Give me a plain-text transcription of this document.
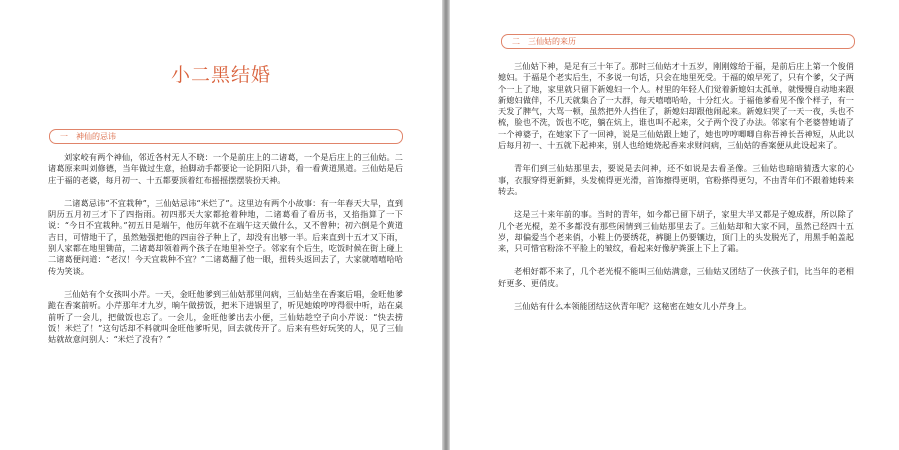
小二黑结婚
一　神仙的忌讳

刘家峧有两个神仙，邻近各村无人不晓：一个是前庄上的二诸葛，一个是后庄上的三仙姑。二诸葛原来叫刘修德，当年做过生意，抬脚动手都要论一论阴阳八卦，看一看黄道黑道。三仙姑是后庄于福的老婆，每月初一、十五都要顶着红布摇摇摆摆装扮天神。

二诸葛忌讳“不宜栽种”，三仙姑忌讳“米烂了”。这里边有两个小故事：有一年春天大旱，直到阴历五月初三才下了四指雨。初四那天大家都抢着种地，二诸葛看了看历书，又掐指算了一下说：“今日不宜栽种。”初五日是端午，他历年就不在端午这天做什么，又不曾种；初六倒是个黄道吉日，可惜地干了，虽然勉强把他的四亩谷子种上了，却没有出够一半。后来直到十五才又下雨，别人家都在地里锄苗，二诸葛却领着两个孩子在地里补空子。邻家有个后生，吃饭时候在街上碰上二诸葛便问道：“老汉！今天宜栽种不宜？”二诸葛翻了他一眼，扭转头返回去了，大家就嘻嘻哈哈传为笑谈。

三仙姑有个女孩叫小芹。一天，金旺他爹到三仙姑那里问病，三仙姑坐在香案后唱，金旺他爹跪在香案前听。小芹那年才九岁，晌午做捞饭，把米下进锅里了，听见她娘哼哼得很中听，站在桌前听了一会儿，把做饭也忘了。一会儿，金旺他爹出去小便，三仙姑趁空子向小芹说：“快去捞饭！米烂了！”这句话却不料就叫金旺他爹听见，回去就传开了。后来有些好玩笑的人，见了三仙姑就故意问别人：“米烂了没有？”

二　三仙姑的来历

三仙姑下神，是足有三十年了。那时三仙姑才十五岁，刚刚嫁给于福，是前后庄上第一个俊俏媳妇。于福是个老实后生，不多说一句话，只会在地里死受。于福的娘早死了，只有个爹，父子两个一上了地，家里就只留下新媳妇一个人。村里的年轻人们觉着新媳妇太孤单，就慢慢自动地来跟新媳妇做伴，不几天就集合了一大群，每天嘻嘻哈哈，十分红火。于福他爹看见不像个样子，有一天发了脾气，大骂一顿，虽然把外人挡住了，新媳妇却跟他闹起来。新媳妇哭了一天一夜，头也不梳，脸也不洗，饭也不吃，躺在炕上，谁也叫不起来，父子两个没了办法。邻家有个老婆替她请了一个神婆子，在她家下了一回神，说是三仙姑跟上她了，她也哼哼唧唧自称吾神长吾神短，从此以后每月初一、十五就下起神来，别人也给她烧起香来求财问病，三仙姑的香案便从此设起来了。

青年们到三仙姑那里去，要说是去问神，还不如说是去看圣像。三仙姑也暗暗猜透大家的心事，衣服穿得更新鲜，头发梳得更光滑，首饰擦得更明，官粉搽得更匀，不由青年们不跟着她转来转去。

这是三十来年前的事。当时的青年，如今都已留下胡子，家里大半又都是子媳成群，所以除了几个老光棍，差不多都没有那些闲情到三仙姑那里去了。三仙姑却和大家不同，虽然已经四十五岁，却偏爱当个老来俏，小鞋上仍要绣花，裤腿上仍要镶边，顶门上的头发脱光了，用黑手帕盖起来，只可惜官粉涂不平脸上的皱纹，看起来好像驴粪蛋上下上了霜。

老相好都不来了，几个老光棍不能叫三仙姑满意，三仙姑又团结了一伙孩子们，比当年的老相好更多、更俏皮。

三仙姑有什么本领能团结这伙青年呢？这秘密在她女儿小芹身上。
